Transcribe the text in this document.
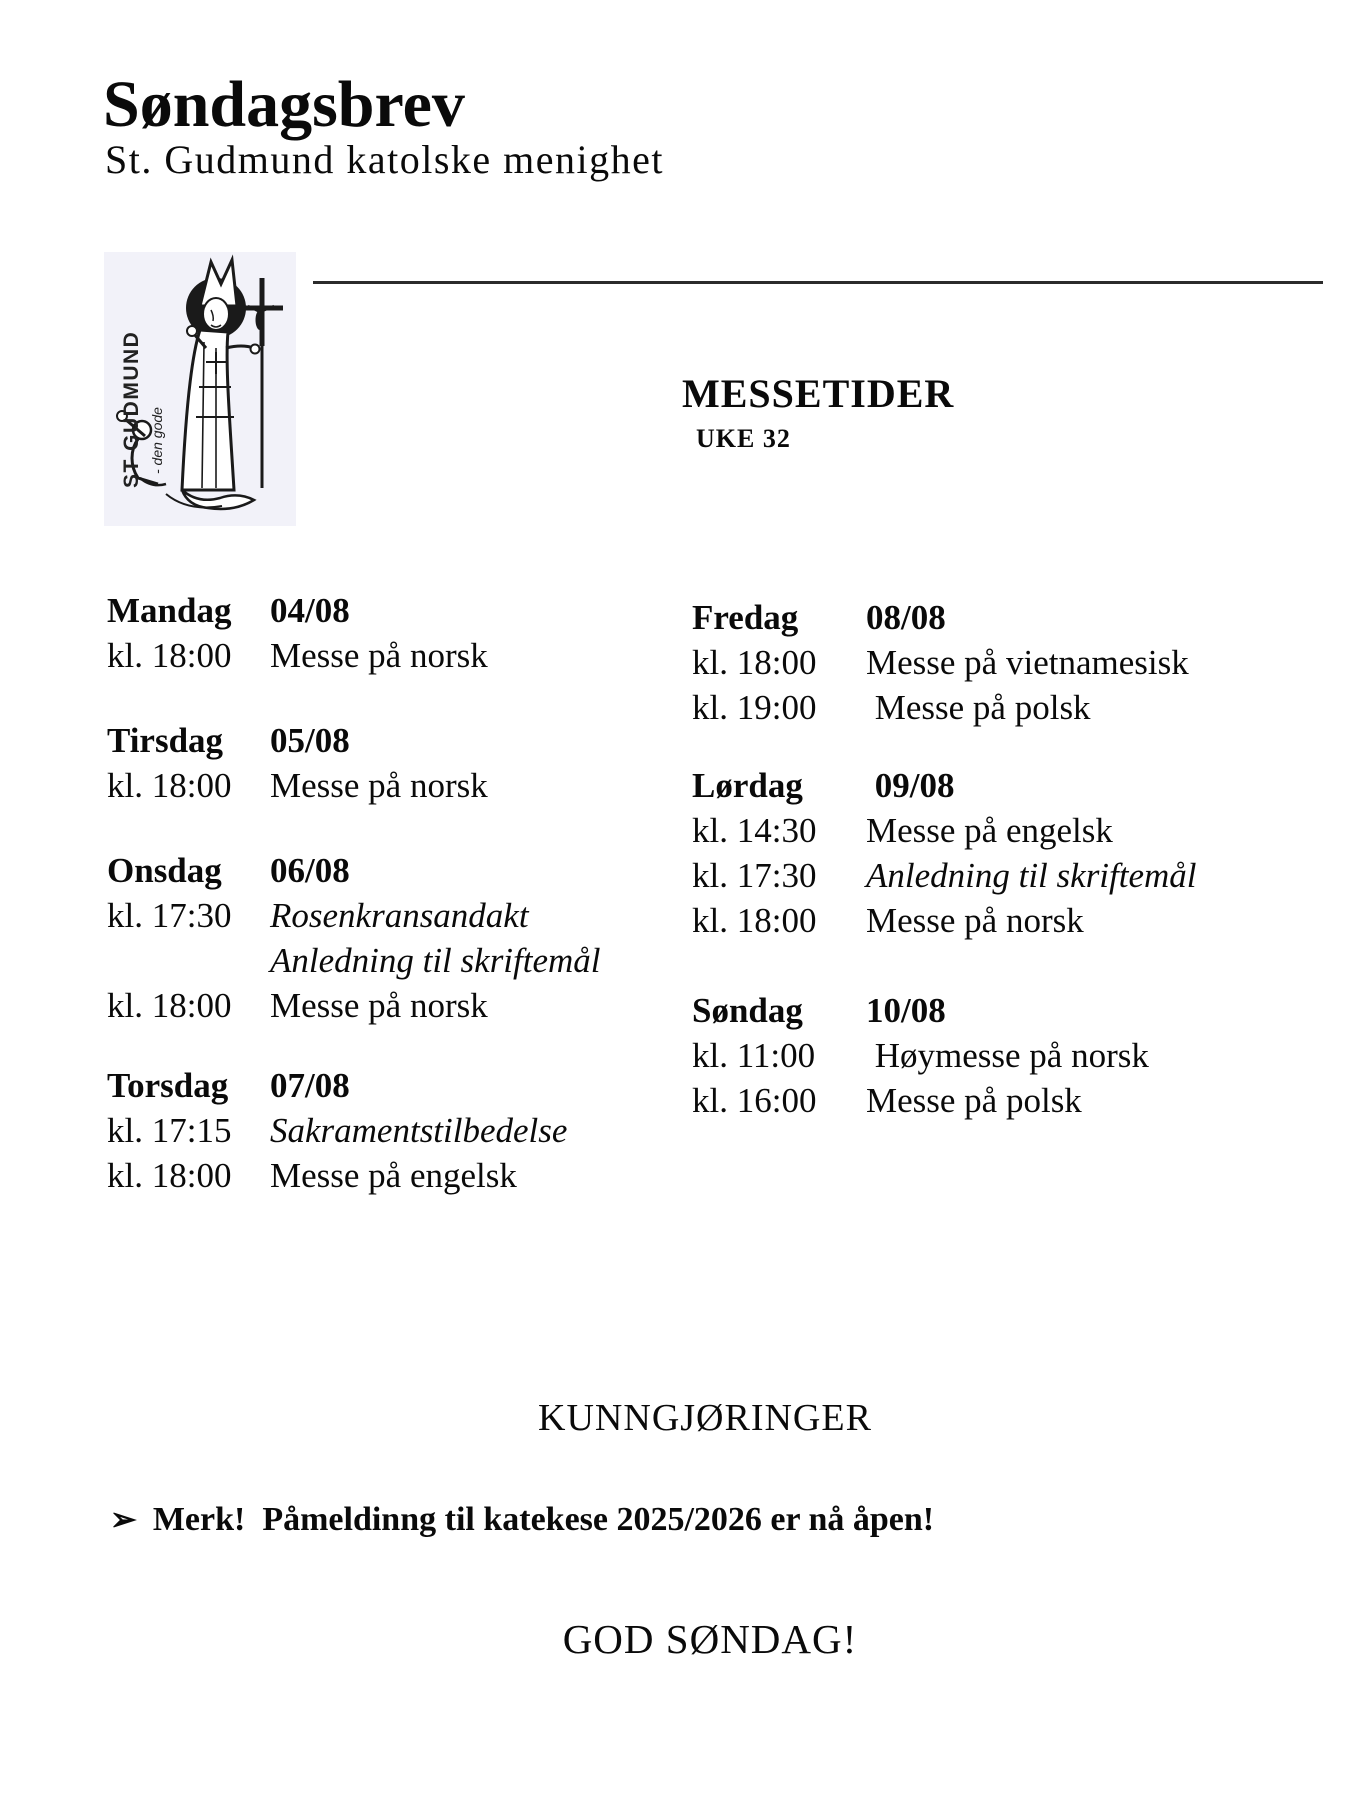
Søndagsbrev
St. Gudmund katolske menighet
ST GUDMUND - den gode
MESSETIDER
UKE 32
Mandag	04/08
kl. 18:00	Messe på norsk
Tirsdag	05/08
kl. 18:00	Messe på norsk
Onsdag	06/08
kl. 17:30	Rosenkransandakt
Anledning til skriftemål
kl. 18:00	Messe på norsk
Torsdag	07/08
kl. 17:15	Sakramentstilbedelse
kl. 18:00	Messe på engelsk
Fredag	08/08
kl. 18:00	Messe på vietnamesisk
kl. 19:00	Messe på polsk
Lørdag	09/08
kl. 14:30	Messe på engelsk
kl. 17:30	Anledning til skriftemål
kl. 18:00	Messe på norsk
Søndag	10/08
kl. 11:00	Høymesse på norsk
kl. 16:00	Messe på polsk
KUNNGJØRINGER
➢ Merk!  Påmeldinng til katekese 2025/2026 er nå åpen!
GOD SØNDAG!
